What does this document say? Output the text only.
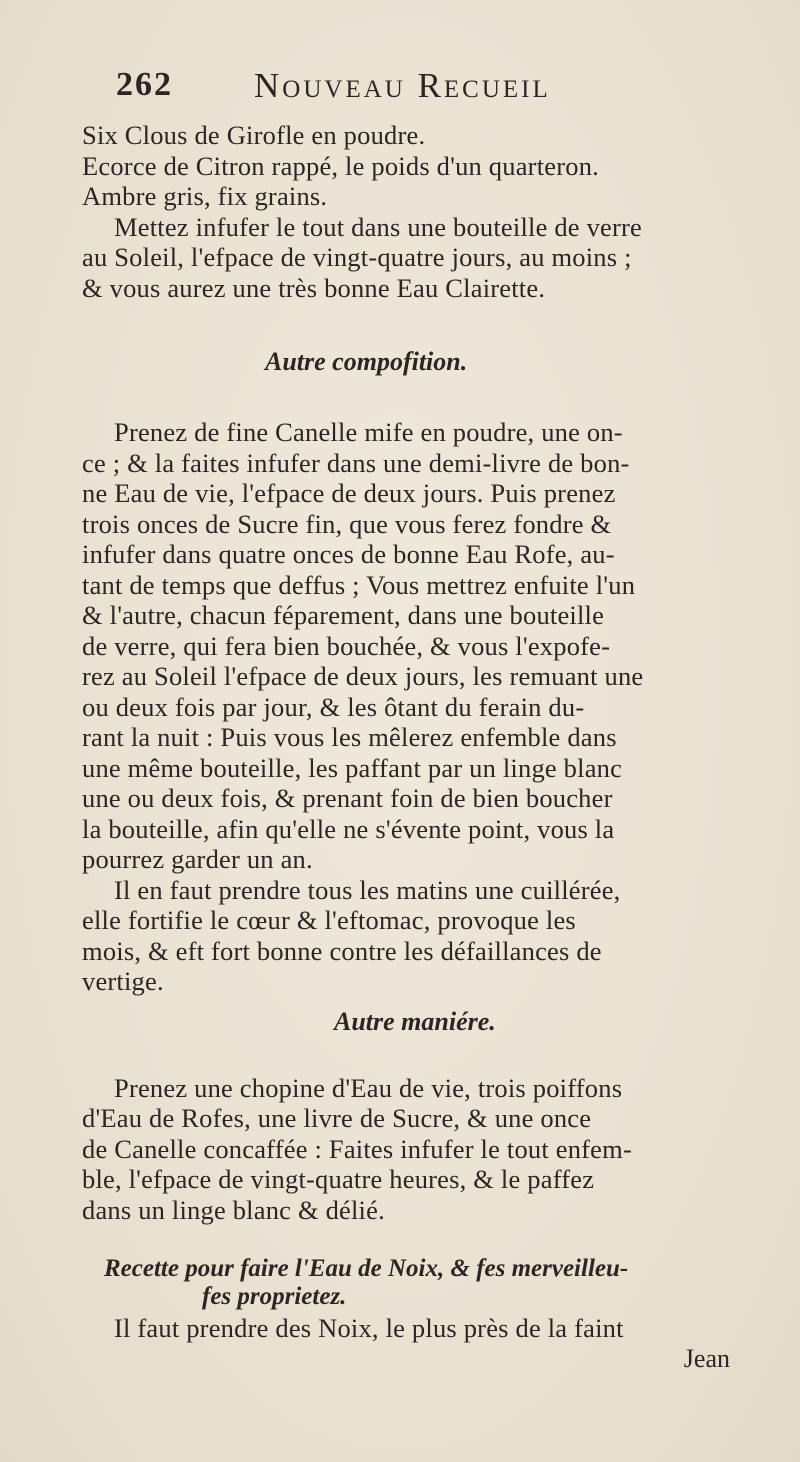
262 Nouveau Recueil
Six Clous de Girofle en poudre.
Ecorce de Citron rappé, le poids d'un quarteron.
Ambre gris, fix grains.
Mettez infufer le tout dans une bouteille de verre
au Soleil, l'efpace de vingt-quatre jours, au moins ;
& vous aurez une très bonne Eau Clairette.
Autre compofition.
Prenez de fine Canelle mife en poudre, une on-
ce ; & la faites infufer dans une demi-livre de bon-
ne Eau de vie, l'efpace de deux jours. Puis prenez
trois onces de Sucre fin, que vous ferez fondre &
infufer dans quatre onces de bonne Eau Rofe, au-
tant de temps que deffus ; Vous mettrez enfuite l'un
& l'autre, chacun féparement, dans une bouteille
de verre, qui fera bien bouchée, & vous l'expofe-
rez au Soleil l'efpace de deux jours, les remuant une
ou deux fois par jour, & les ôtant du ferain du-
rant la nuit : Puis vous les mêlerez enfemble dans
une même bouteille, les paffant par un linge blanc
une ou deux fois, & prenant foin de bien boucher
la bouteille, afin qu'elle ne s'évente point, vous la
pourrez garder un an.
Il en faut prendre tous les matins une cuillérée,
elle fortifie le cœur & l'eftomac, provoque les
mois, & eft fort bonne contre les défaillances de
vertige.
Autre maniére.
Prenez une chopine d'Eau de vie, trois poiffons
d'Eau de Rofes, une livre de Sucre, & une once
de Canelle concaffée : Faites infufer le tout enfem-
ble, l'efpace de vingt-quatre heures, & le paffez
dans un linge blanc & délié.
Recette pour faire l'Eau de Noix, & fes merveilleu-
fes proprietez.
Il faut prendre des Noix, le plus près de la faint
Jean
